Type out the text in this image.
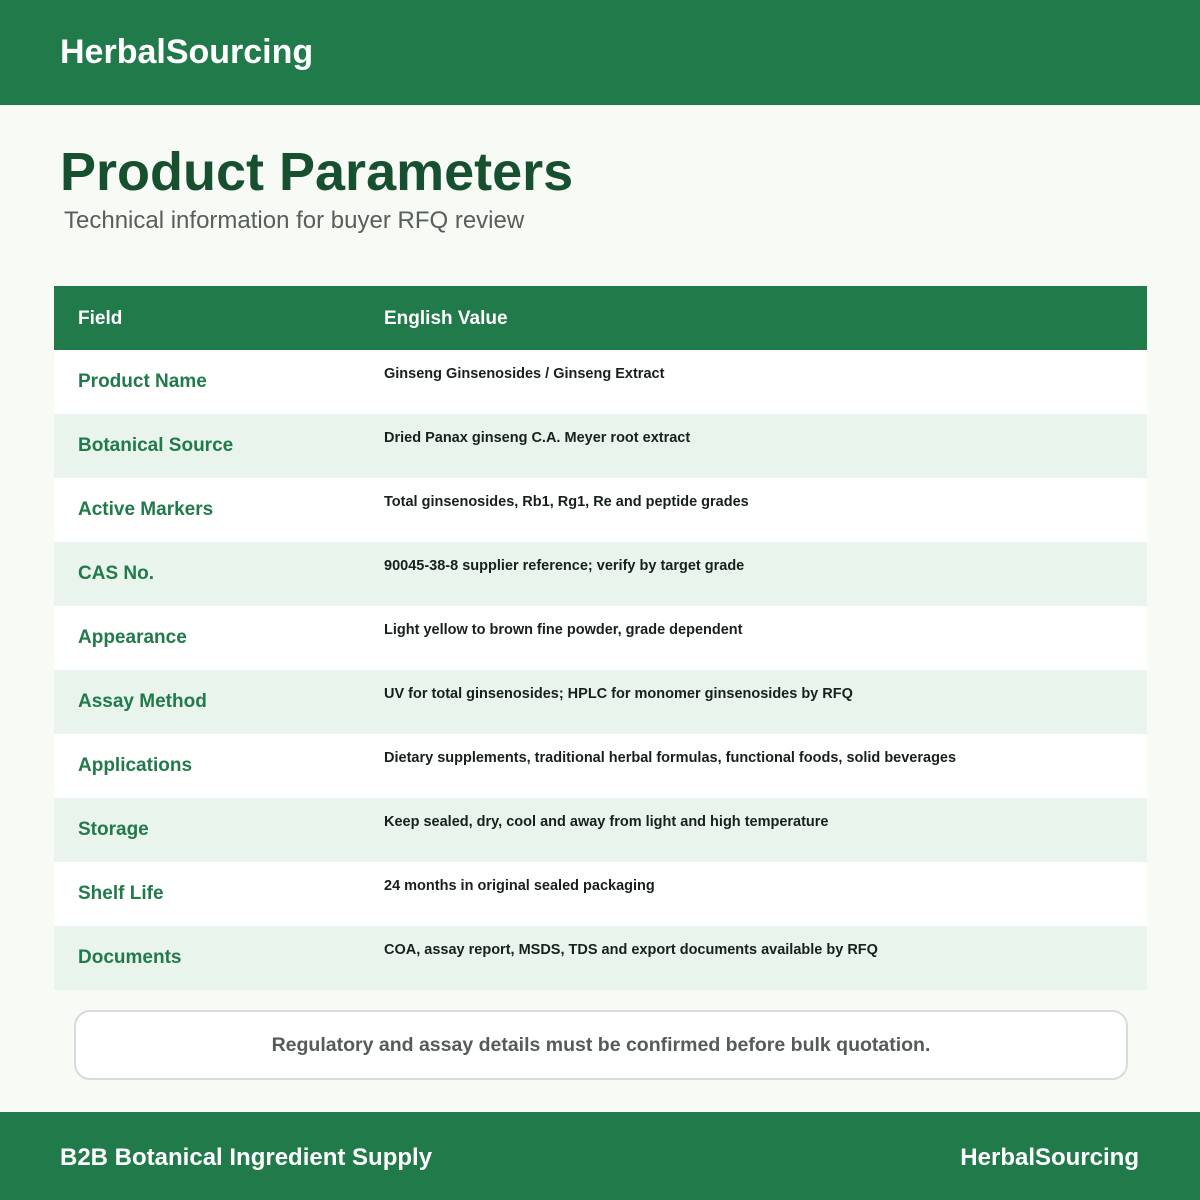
HerbalSourcing
Product Parameters
Technical information for buyer RFQ review
Field	English Value
Product Name	Ginseng Ginsenosides / Ginseng Extract
Botanical Source	Dried Panax ginseng C.A. Meyer root extract
Active Markers	Total ginsenosides, Rb1, Rg1, Re and peptide grades
CAS No.	90045-38-8 supplier reference; verify by target grade
Appearance	Light yellow to brown fine powder, grade dependent
Assay Method	UV for total ginsenosides; HPLC for monomer ginsenosides by RFQ
Applications	Dietary supplements, traditional herbal formulas, functional foods, solid beverages
Storage	Keep sealed, dry, cool and away from light and high temperature
Shelf Life	24 months in original sealed packaging
Documents	COA, assay report, MSDS, TDS and export documents available by RFQ
Regulatory and assay details must be confirmed before bulk quotation.
B2B Botanical Ingredient Supply	HerbalSourcing
